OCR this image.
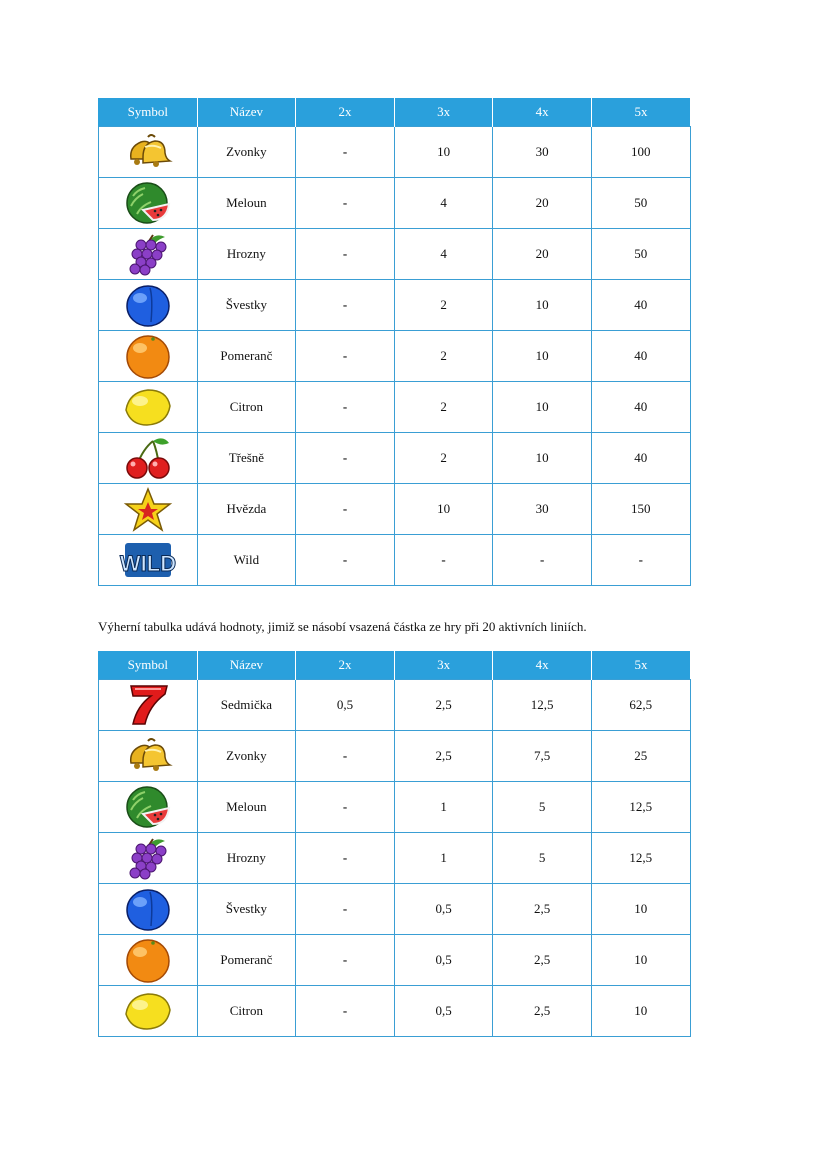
Symbol	Název	2x	3x	4x	5x

	Zvonky	-	10	30	100

	Meloun	-	4	20	50

	Hrozny	-	4	20	50

	Švestky	-	2	10	40

	Pomeranč	-	2	10	40

	Citron	-	2	10	40

	Třešně	-	2	10	40

	Hvězda	-	10	30	150

WILD	Wild	-	-	-	-

Výherní tabulka udává hodnoty, jimiž se násobí vsazená částka ze hry při 20 aktivních liniích.

Symbol	Název	2x	3x	4x	5x

	Sedmička	0,5	2,5	12,5	62,5

	Zvonky	-	2,5	7,5	25

	Meloun	-	1	5	12,5

	Hrozny	-	1	5	12,5

	Švestky	-	0,5	2,5	10

	Pomeranč	-	0,5	2,5	10

	Citron	-	0,5	2,5	10
